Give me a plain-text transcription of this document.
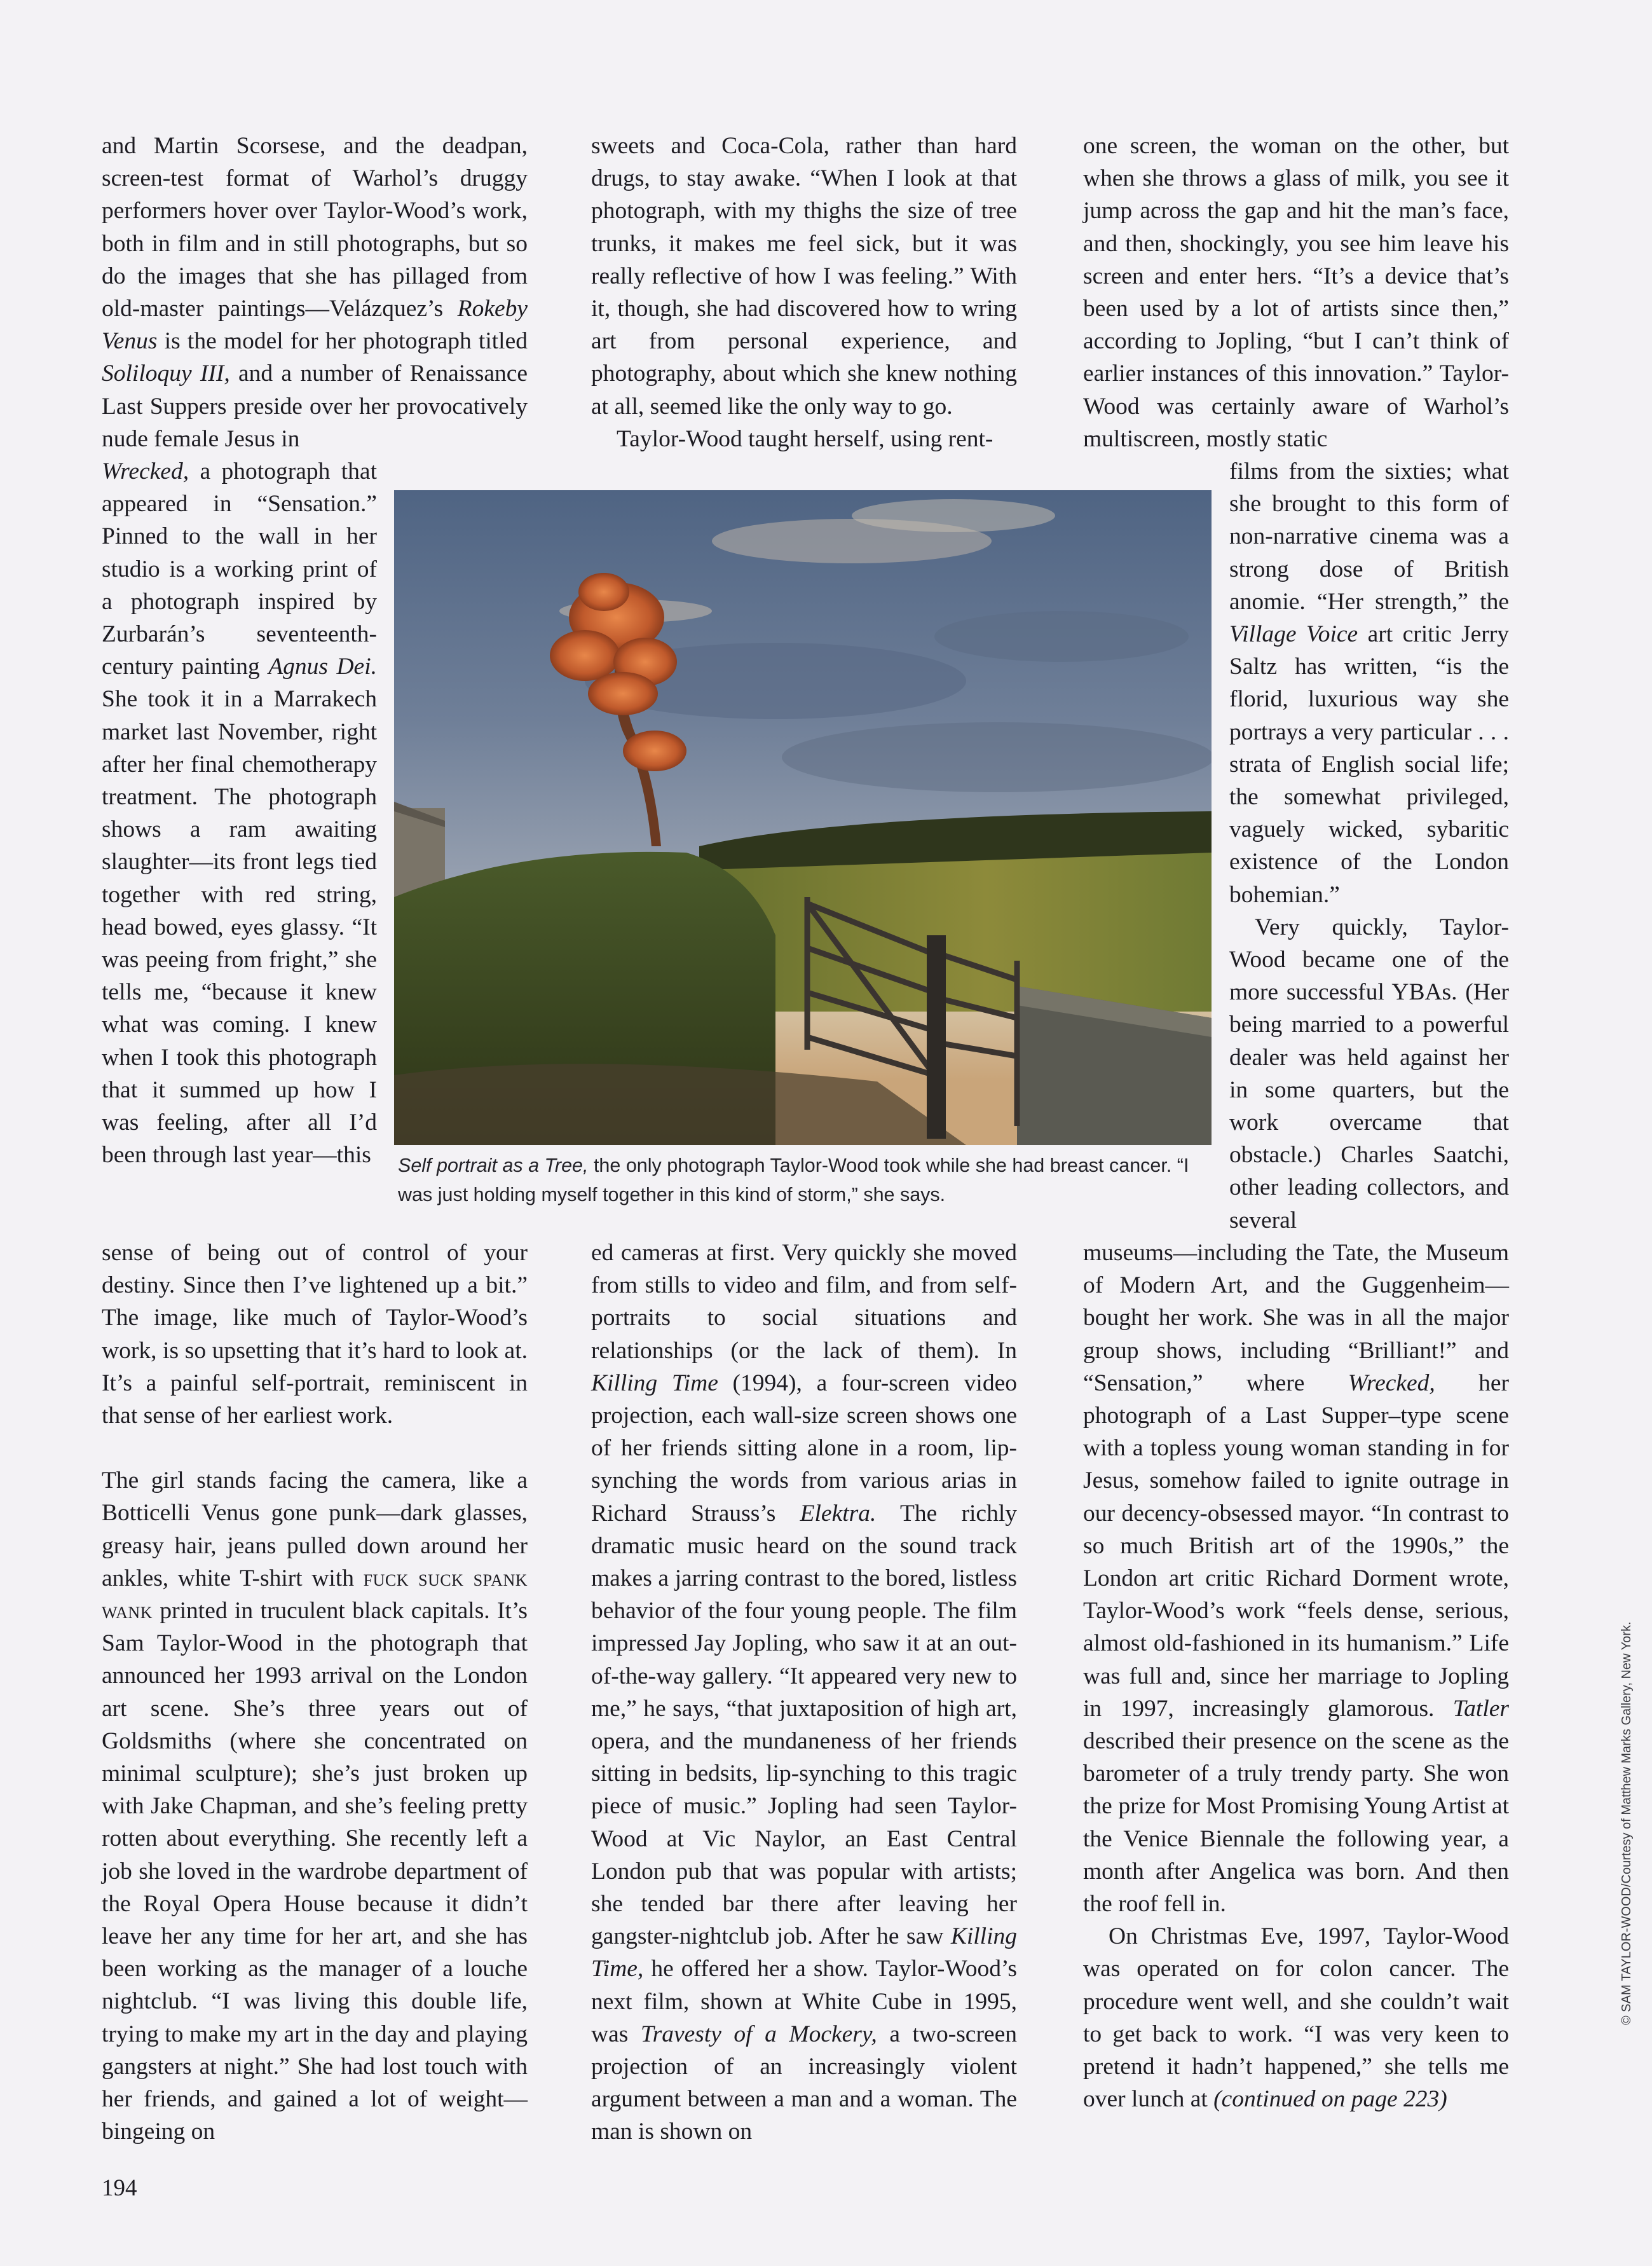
and Martin Scorsese, and the deadpan, screen-test format of Warhol’s druggy performers hover over Taylor-Wood’s work, both in film and in still photographs, but so do the images that she has pillaged from old-master paintings—Velázquez’s Rokeby Venus is the model for her photograph titled Soliloquy III, and a number of Renaissance Last Suppers preside over her provocatively nude female Jesus in

Wrecked, a photograph that appeared in “Sensation.” Pinned to the wall in her studio is a working print of a photograph inspired by Zurbarán’s seventeenth-century painting Agnus Dei. She took it in a Marrakech market last November, right after her final chemotherapy treatment. The photograph shows a ram awaiting slaughter—its front legs tied together with red string, head bowed, eyes glassy. “It was peeing from fright,” she tells me, “because it knew what was coming. I knew when I took this photograph that it summed up how I was feeling, after all I’d been through last year—this

sense of being out of control of your destiny. Since then I’ve lightened up a bit.” The image, like much of Taylor-Wood’s work, is so upsetting that it’s hard to look at. It’s a painful self-portrait, reminiscent in that sense of her earliest work.

The girl stands facing the camera, like a Botticelli Venus gone punk—dark glasses, greasy hair, jeans pulled down around her ankles, white T-shirt with fuck suck spank wank printed in truculent black capitals. It’s Sam Taylor-Wood in the photograph that announced her 1993 arrival on the London art scene. She’s three years out of Goldsmiths (where she concentrated on minimal sculpture); she’s just broken up with Jake Chapman, and she’s feeling pretty rotten about everything. She recently left a job she loved in the wardrobe department of the Royal Opera House because it didn’t leave her any time for her art, and she has been working as the manager of a louche nightclub. “I was living this double life, trying to make my art in the day and playing gangsters at night.” She had lost touch with her friends, and gained a lot of weight—bingeing on

sweets and Coca-Cola, rather than hard drugs, to stay awake. “When I look at that photograph, with my thighs the size of tree trunks, it makes me feel sick, but it was really reflective of how I was feeling.” With it, though, she had discovered how to wring art from personal experience, and photography, about which she knew nothing at all, seemed like the only way to go.

Taylor-Wood taught herself, using rent-

ed cameras at first. Very quickly she moved from stills to video and film, and from self-portraits to social situations and relationships (or the lack of them). In Killing Time (1994), a four-screen video projection, each wall-size screen shows one of her friends sitting alone in a room, lip-synching the words from various arias in Richard Strauss’s Elektra. The richly dramatic music heard on the sound track makes a jarring contrast to the bored, listless behavior of the four young people. The film impressed Jay Jopling, who saw it at an out-of-the-way gallery. “It appeared very new to me,” he says, “that juxtaposition of high art, opera, and the mundaneness of her friends sitting in bedsits, lip-synching to this tragic piece of music.” Jopling had seen Taylor-Wood at Vic Naylor, an East Central London pub that was popular with artists; she tended bar there after leaving her gangster-nightclub job. After he saw Killing Time, he offered her a show. Taylor-Wood’s next film, shown at White Cube in 1995, was Travesty of a Mockery, a two-screen projection of an increasingly violent argument between a man and a woman. The man is shown on

one screen, the woman on the other, but when she throws a glass of milk, you see it jump across the gap and hit the man’s face, and then, shockingly, you see him leave his screen and enter hers. “It’s a device that’s been used by a lot of artists since then,” according to Jopling, “but I can’t think of earlier instances of this innovation.” Taylor-Wood was certainly aware of Warhol’s multiscreen, mostly static

films from the sixties; what she brought to this form of non-narrative cinema was a strong dose of British anomie. “Her strength,” the Village Voice art critic Jerry Saltz has written, “is the florid, luxurious way she portrays a very particular . . . strata of English social life; the somewhat privileged, vaguely wicked, sybaritic existence of the London bohemian.”

Very quickly, Taylor-Wood became one of the more successful YBAs. (Her being married to a powerful dealer was held against her in some quarters, but the work overcame that obstacle.) Charles Saatchi, other leading collectors, and several

museums—including the Tate, the Museum of Modern Art, and the Guggenheim—bought her work. She was in all the major group shows, including “Brilliant!” and “Sensation,” where Wrecked, her photograph of a Last Supper–type scene with a topless young woman standing in for Jesus, somehow failed to ignite outrage in our decency-obsessed mayor. “In contrast to so much British art of the 1990s,” the London art critic Richard Dorment wrote, Taylor-Wood’s work “feels dense, serious, almost old-fashioned in its humanism.” Life was full and, since her marriage to Jopling in 1997, increasingly glamorous. Tatler described their presence on the scene as the barometer of a truly trendy party. She won the prize for Most Promising Young Artist at the Venice Biennale the following year, a month after Angelica was born. And then the roof fell in.

On Christmas Eve, 1997, Taylor-Wood was operated on for colon cancer. The procedure went well, and she couldn’t wait to get back to work. “I was very keen to pretend it hadn’t happened,” she tells me over lunch at (continued on page 223)

Self portrait as a Tree, the only photograph Taylor-Wood took while she had breast cancer. “I was just holding myself together in this kind of storm,” she says.
194
© SAM TAYLOR-WOOD/Courtesy of Matthew Marks Gallery, New York.
